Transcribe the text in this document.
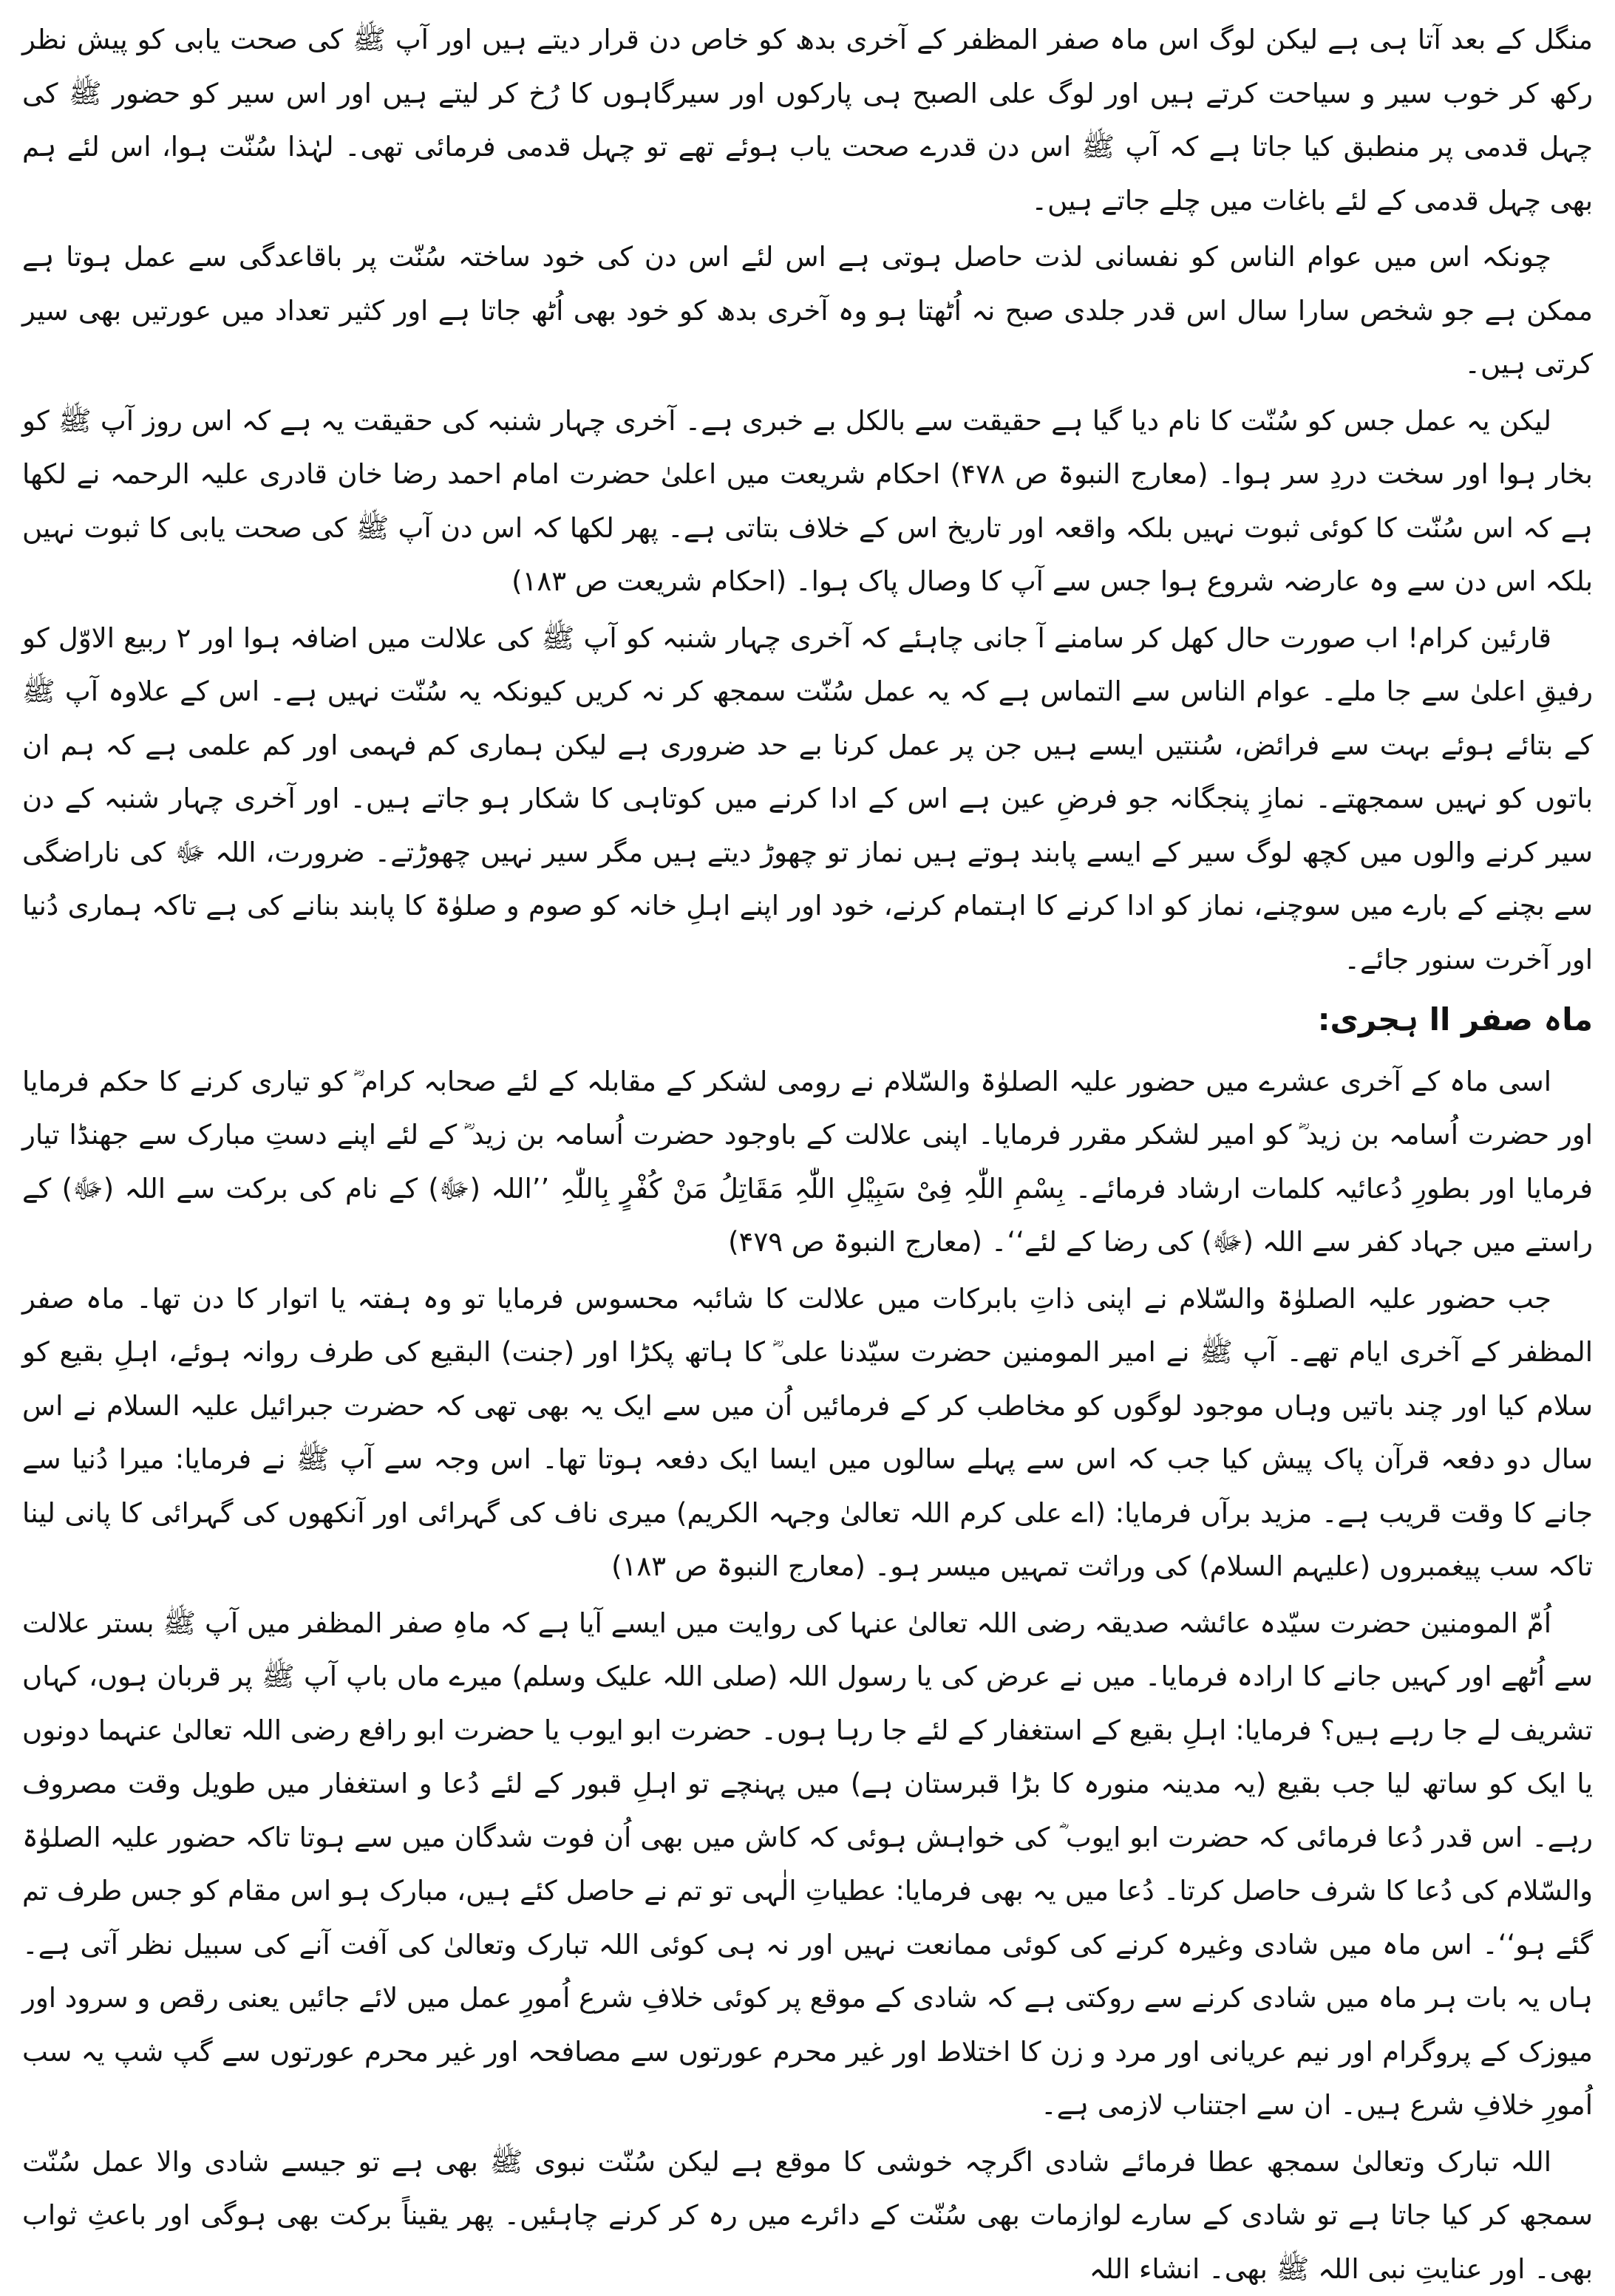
منگل کے بعد آتا ہی ہے لیکن لوگ اس ماہ صفر المظفر کے آخری بدھ کو خاص دن قرار دیتے ہیں اور آپ ﷺ کی صحت یابی کو پیش نظر رکھ کر خوب سیر و سیاحت کرتے ہیں اور لوگ علی الصبح ہی پارکوں اور سیرگاہوں کا رُخ کر لیتے ہیں اور اس سیر کو حضور ﷺ کی چہل قدمی پر منطبق کیا جاتا ہے کہ آپ ﷺ اس دن قدرے صحت یاب ہوئے تھے تو چہل قدمی فرمائی تھی۔ لہٰذا سُنّت ہوا، اس لئے ہم بھی چہل قدمی کے لئے باغات میں چلے جاتے ہیں۔

چونکہ اس میں عوام الناس کو نفسانی لذت حاصل ہوتی ہے اس لئے اس دن کی خود ساختہ سُنّت پر باقاعدگی سے عمل ہوتا ہے ممکن ہے جو شخص سارا سال اس قدر جلدی صبح نہ اُٹھتا ہو وہ آخری بدھ کو خود بھی اُٹھ جاتا ہے اور کثیر تعداد میں عورتیں بھی سیر کرتی ہیں۔

لیکن یہ عمل جس کو سُنّت کا نام دیا گیا ہے حقیقت سے بالکل بے خبری ہے۔ آخری چہار شنبہ کی حقیقت یہ ہے کہ اس روز آپ ﷺ کو بخار ہوا اور سخت دردِ سر ہوا۔ (معارج النبوۃ ص ۴۷۸) احکام شریعت میں اعلیٰ حضرت امام احمد رضا خان قادری علیہ الرحمہ نے لکھا ہے کہ اس سُنّت کا کوئی ثبوت نہیں بلکہ واقعہ اور تاریخ اس کے خلاف بتاتی ہے۔ پھر لکھا کہ اس دن آپ ﷺ کی صحت یابی کا ثبوت نہیں بلکہ اس دن سے وہ عارضہ شروع ہوا جس سے آپ کا وصال پاک ہوا۔ (احکام شریعت ص ۱۸۳)

قارئین کرام! اب صورت حال کھل کر سامنے آ جانی چاہئے کہ آخری چہار شنبہ کو آپ ﷺ کی علالت میں اضافہ ہوا اور ۲ ربیع الاوّل کو رفیقِ اعلیٰ سے جا ملے۔ عوام الناس سے التماس ہے کہ یہ عمل سُنّت سمجھ کر نہ کریں کیونکہ یہ سُنّت نہیں ہے۔ اس کے علاوہ آپ ﷺ کے بتائے ہوئے بہت سے فرائض، سُنتیں ایسے ہیں جن پر عمل کرنا بے حد ضروری ہے لیکن ہماری کم فہمی اور کم علمی ہے کہ ہم ان باتوں کو نہیں سمجھتے۔ نمازِ پنجگانہ جو فرضِ عین ہے اس کے ادا کرنے میں کوتاہی کا شکار ہو جاتے ہیں۔ اور آخری چہار شنبہ کے دن سیر کرنے والوں میں کچھ لوگ سیر کے ایسے پابند ہوتے ہیں نماز تو چھوڑ دیتے ہیں مگر سیر نہیں چھوڑتے۔ ضرورت، اللہ ﷻ کی ناراضگی سے بچنے کے بارے میں سوچنے، نماز کو ادا کرنے کا اہتمام کرنے، خود اور اپنے اہلِ خانہ کو صوم و صلوٰۃ کا پابند بنانے کی ہے تاکہ ہماری دُنیا اور آخرت سنور جائے۔

ماہ صفر اا ہجری:

اسی ماہ کے آخری عشرے میں حضور علیہ الصلوٰۃ والسّلام نے رومی لشکر کے مقابلہ کے لئے صحابہ کرام ؓ کو تیاری کرنے کا حکم فرمایا اور حضرت اُسامہ بن زید ؓ کو امیر لشکر مقرر فرمایا۔ اپنی علالت کے باوجود حضرت اُسامہ بن زید ؓ کے لئے اپنے دستِ مبارک سے جھنڈا تیار فرمایا اور بطورِ دُعائیہ کلمات ارشاد فرمائے۔ بِسْمِ اللّٰہِ فِیْ سَبِیْلِ اللّٰہِ مَقَاتِلُ مَنْ کُفْرٍ بِاللّٰہِ ’’اللہ (ﷻ) کے نام کی برکت سے اللہ (ﷻ) کے راستے میں جہاد کفر سے اللہ (ﷻ) کی رضا کے لئے‘‘۔ (معارج النبوۃ ص ۴۷۹)

جب حضور علیہ الصلوٰۃ والسّلام نے اپنی ذاتِ بابرکات میں علالت کا شائبہ محسوس فرمایا تو وہ ہفتہ یا اتوار کا دن تھا۔ ماہ صفر المظفر کے آخری ایام تھے۔ آپ ﷺ نے امیر المومنین حضرت سیّدنا علی ؓ کا ہاتھ پکڑا اور (جنت) البقیع کی طرف روانہ ہوئے، اہلِ بقیع کو سلام کیا اور چند باتیں وہاں موجود لوگوں کو مخاطب کر کے فرمائیں اُن میں سے ایک یہ بھی تھی کہ حضرت جبرائیل علیہ السلام نے اس سال دو دفعہ قرآن پاک پیش کیا جب کہ اس سے پہلے سالوں میں ایسا ایک دفعہ ہوتا تھا۔ اس وجہ سے آپ ﷺ نے فرمایا: میرا دُنیا سے جانے کا وقت قریب ہے۔ مزید برآں فرمایا: (اے علی کرم اللہ تعالیٰ وجہہ الکریم) میری ناف کی گہرائی اور آنکھوں کی گہرائی کا پانی لینا تاکہ سب پیغمبروں (علیہم السلام) کی وراثت تمہیں میسر ہو۔ (معارج النبوۃ ص ۱۸۳)

اُمّ المومنین حضرت سیّدہ عائشہ صدیقہ رضی اللہ تعالیٰ عنہا کی روایت میں ایسے آیا ہے کہ ماہِ صفر المظفر میں آپ ﷺ بستر علالت سے اُٹھے اور کہیں جانے کا ارادہ فرمایا۔ میں نے عرض کی یا رسول اللہ (صلی اللہ علیک وسلم) میرے ماں باپ آپ ﷺ پر قربان ہوں، کہاں تشریف لے جا رہے ہیں؟ فرمایا: اہلِ بقیع کے استغفار کے لئے جا رہا ہوں۔ حضرت ابو ایوب یا حضرت ابو رافع رضی اللہ تعالیٰ عنہما دونوں یا ایک کو ساتھ لیا جب بقیع (یہ مدینہ منورہ کا بڑا قبرستان ہے) میں پہنچے تو اہلِ قبور کے لئے دُعا و استغفار میں طویل وقت مصروف رہے۔ اس قدر دُعا فرمائی کہ حضرت ابو ایوب ؓ کی خواہش ہوئی کہ کاش میں بھی اُن فوت شدگان میں سے ہوتا تاکہ حضور علیہ الصلوٰۃ والسّلام کی دُعا کا شرف حاصل کرتا۔ دُعا میں یہ بھی فرمایا: عطیاتِ الٰہی تو تم نے حاصل کئے ہیں، مبارک ہو اس مقام کو جس طرف تم گئے ہو‘‘۔ اس ماہ میں شادی وغیرہ کرنے کی کوئی ممانعت نہیں اور نہ ہی کوئی اللہ تبارک وتعالیٰ کی آفت آنے کی سبیل نظر آتی ہے۔ ہاں یہ بات ہر ماہ میں شادی کرنے سے روکتی ہے کہ شادی کے موقع پر کوئی خلافِ شرع اُمورِ عمل میں لائے جائیں یعنی رقص و سرود اور میوزک کے پروگرام اور نیم عریانی اور مرد و زن کا اختلاط اور غیر محرم عورتوں سے مصافحہ اور غیر محرم عورتوں سے گپ شپ یہ سب اُمورِ خلافِ شرع ہیں۔ ان سے اجتناب لازمی ہے۔

اللہ تبارک وتعالیٰ سمجھ عطا فرمائے شادی اگرچہ خوشی کا موقع ہے لیکن سُنّت نبوی ﷺ بھی ہے تو جیسے شادی والا عمل سُنّت سمجھ کر کیا جاتا ہے تو شادی کے سارے لوازمات بھی سُنّت کے دائرے میں رہ کر کرنے چاہئیں۔ پھر یقیناً برکت بھی ہوگی اور باعثِ ثواب بھی۔ اور عنایتِ نبی اللہ ﷺ بھی۔ انشاء اللہ
